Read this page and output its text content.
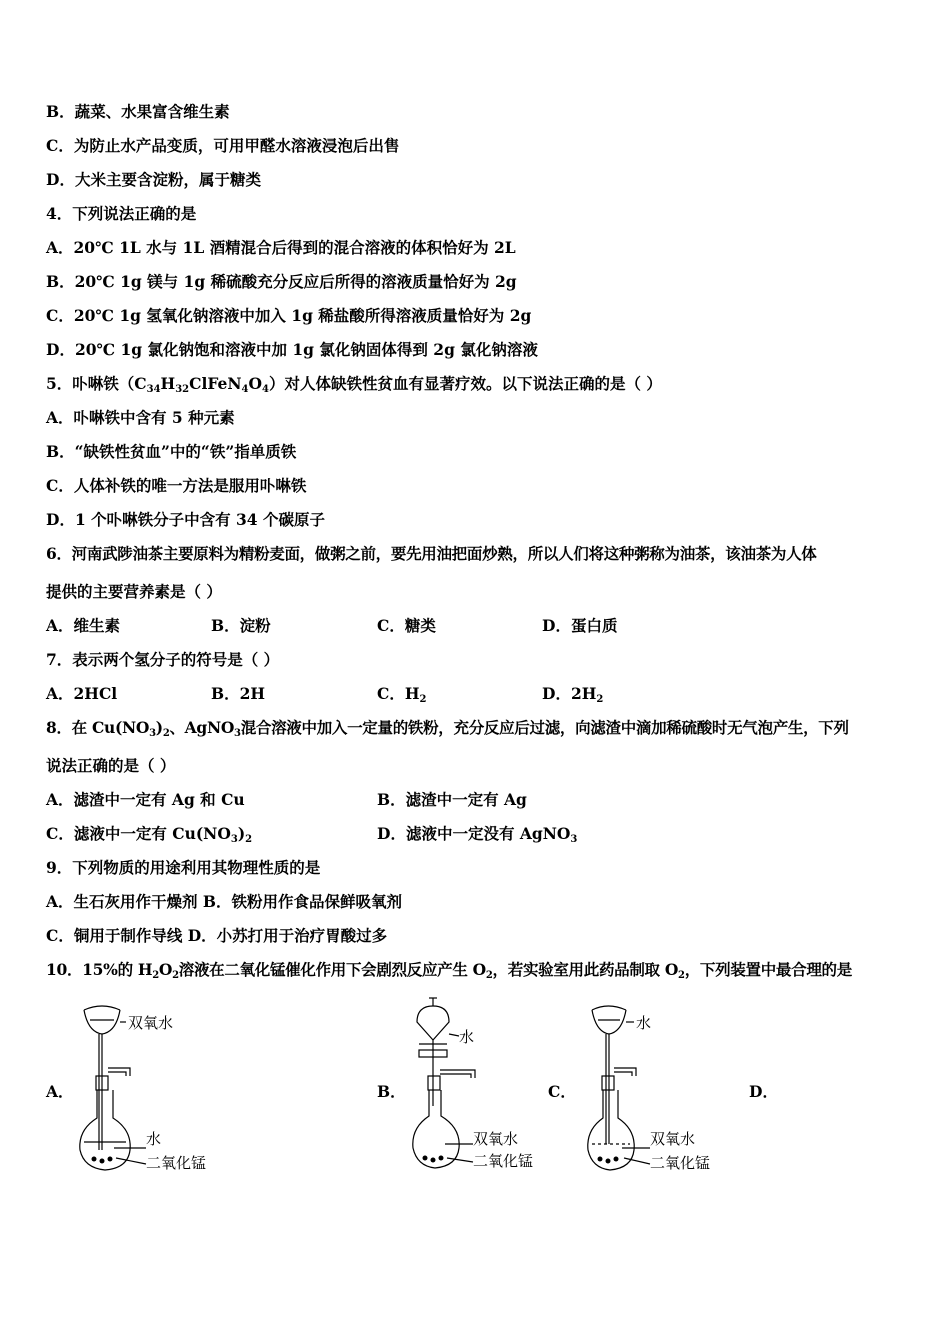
B．蔬菜、水果富含维生素
C．为防止水产品变质，可用甲醛水溶液浸泡后出售
D．大米主要含淀粉，属于糖类
4．下列说法正确的是
A．20℃ 1L 水与 1L 酒精混合后得到的混合溶液的体积恰好为 2L
B．20℃ 1g 镁与 1g 稀硫酸充分反应后所得的溶液质量恰好为 2g
C．20℃ 1g 氢氧化钠溶液中加入 1g 稀盐酸所得溶液质量恰好为 2g
D．20℃ 1g 氯化钠饱和溶液中加 1g 氯化钠固体得到 2g 氯化钠溶液
5．卟啉铁$(C_{34}H_{32}ClFeN_4O_4)$对人体缺铁性贫血有显著疗效。以下说法正确的是（ ）
A．卟啉铁中含有 5 种元素
B．“缺铁性贫血”中的“铁”指单质铁
C．人体补铁的唯一方法是服用卟啉铁
D．1 个卟啉铁分子中含有 34 个碳原子
6．河南武陟油茶主要原料为精粉麦面，做粥之前，要先用油把面炒熟，所以人们将这种粥称为油茶，该油茶为人体
提供的主要营养素是（ ）
A．维生素	B．淀粉	C．糖类	D．蛋白质
7．表示两个氢分子的符号是（ ）
A．2HCl	B．2H	C．$H_2$	D．$2H_2$
8．在 $Cu(NO_3)_2$、AgNO$_3$混合溶液中加入一定量的铁粉，充分反应后过滤，向滤渣中滴加稀硫酸时无气泡产生，下列
说法正确的是（ ）
A．滤渣中一定有 Ag 和 Cu	B．滤渣中一定有 Ag
C．滤液中一定有 $Cu(NO_3)_2$	D．滤液中一定没有 AgNO$_3$
9．下列物质的用途利用其物理性质的是
A．生石灰用作干燥剂 B．铁粉用作食品保鲜吸氧剂
C．铜用于制作导线 D．小苏打用于治疗胃酸过多
10．15%的 $H_2O_2$溶液在二氧化锰催化作用下会剧烈反应产生 $O_2$，若实验室用此药品制取 $O_2$，下列装置中最合理的是
A．	B．	C．	D．
双氧水
水
二氧化锰
水
双氧水
二氧化锰
水
双氧水
二氧化锰
